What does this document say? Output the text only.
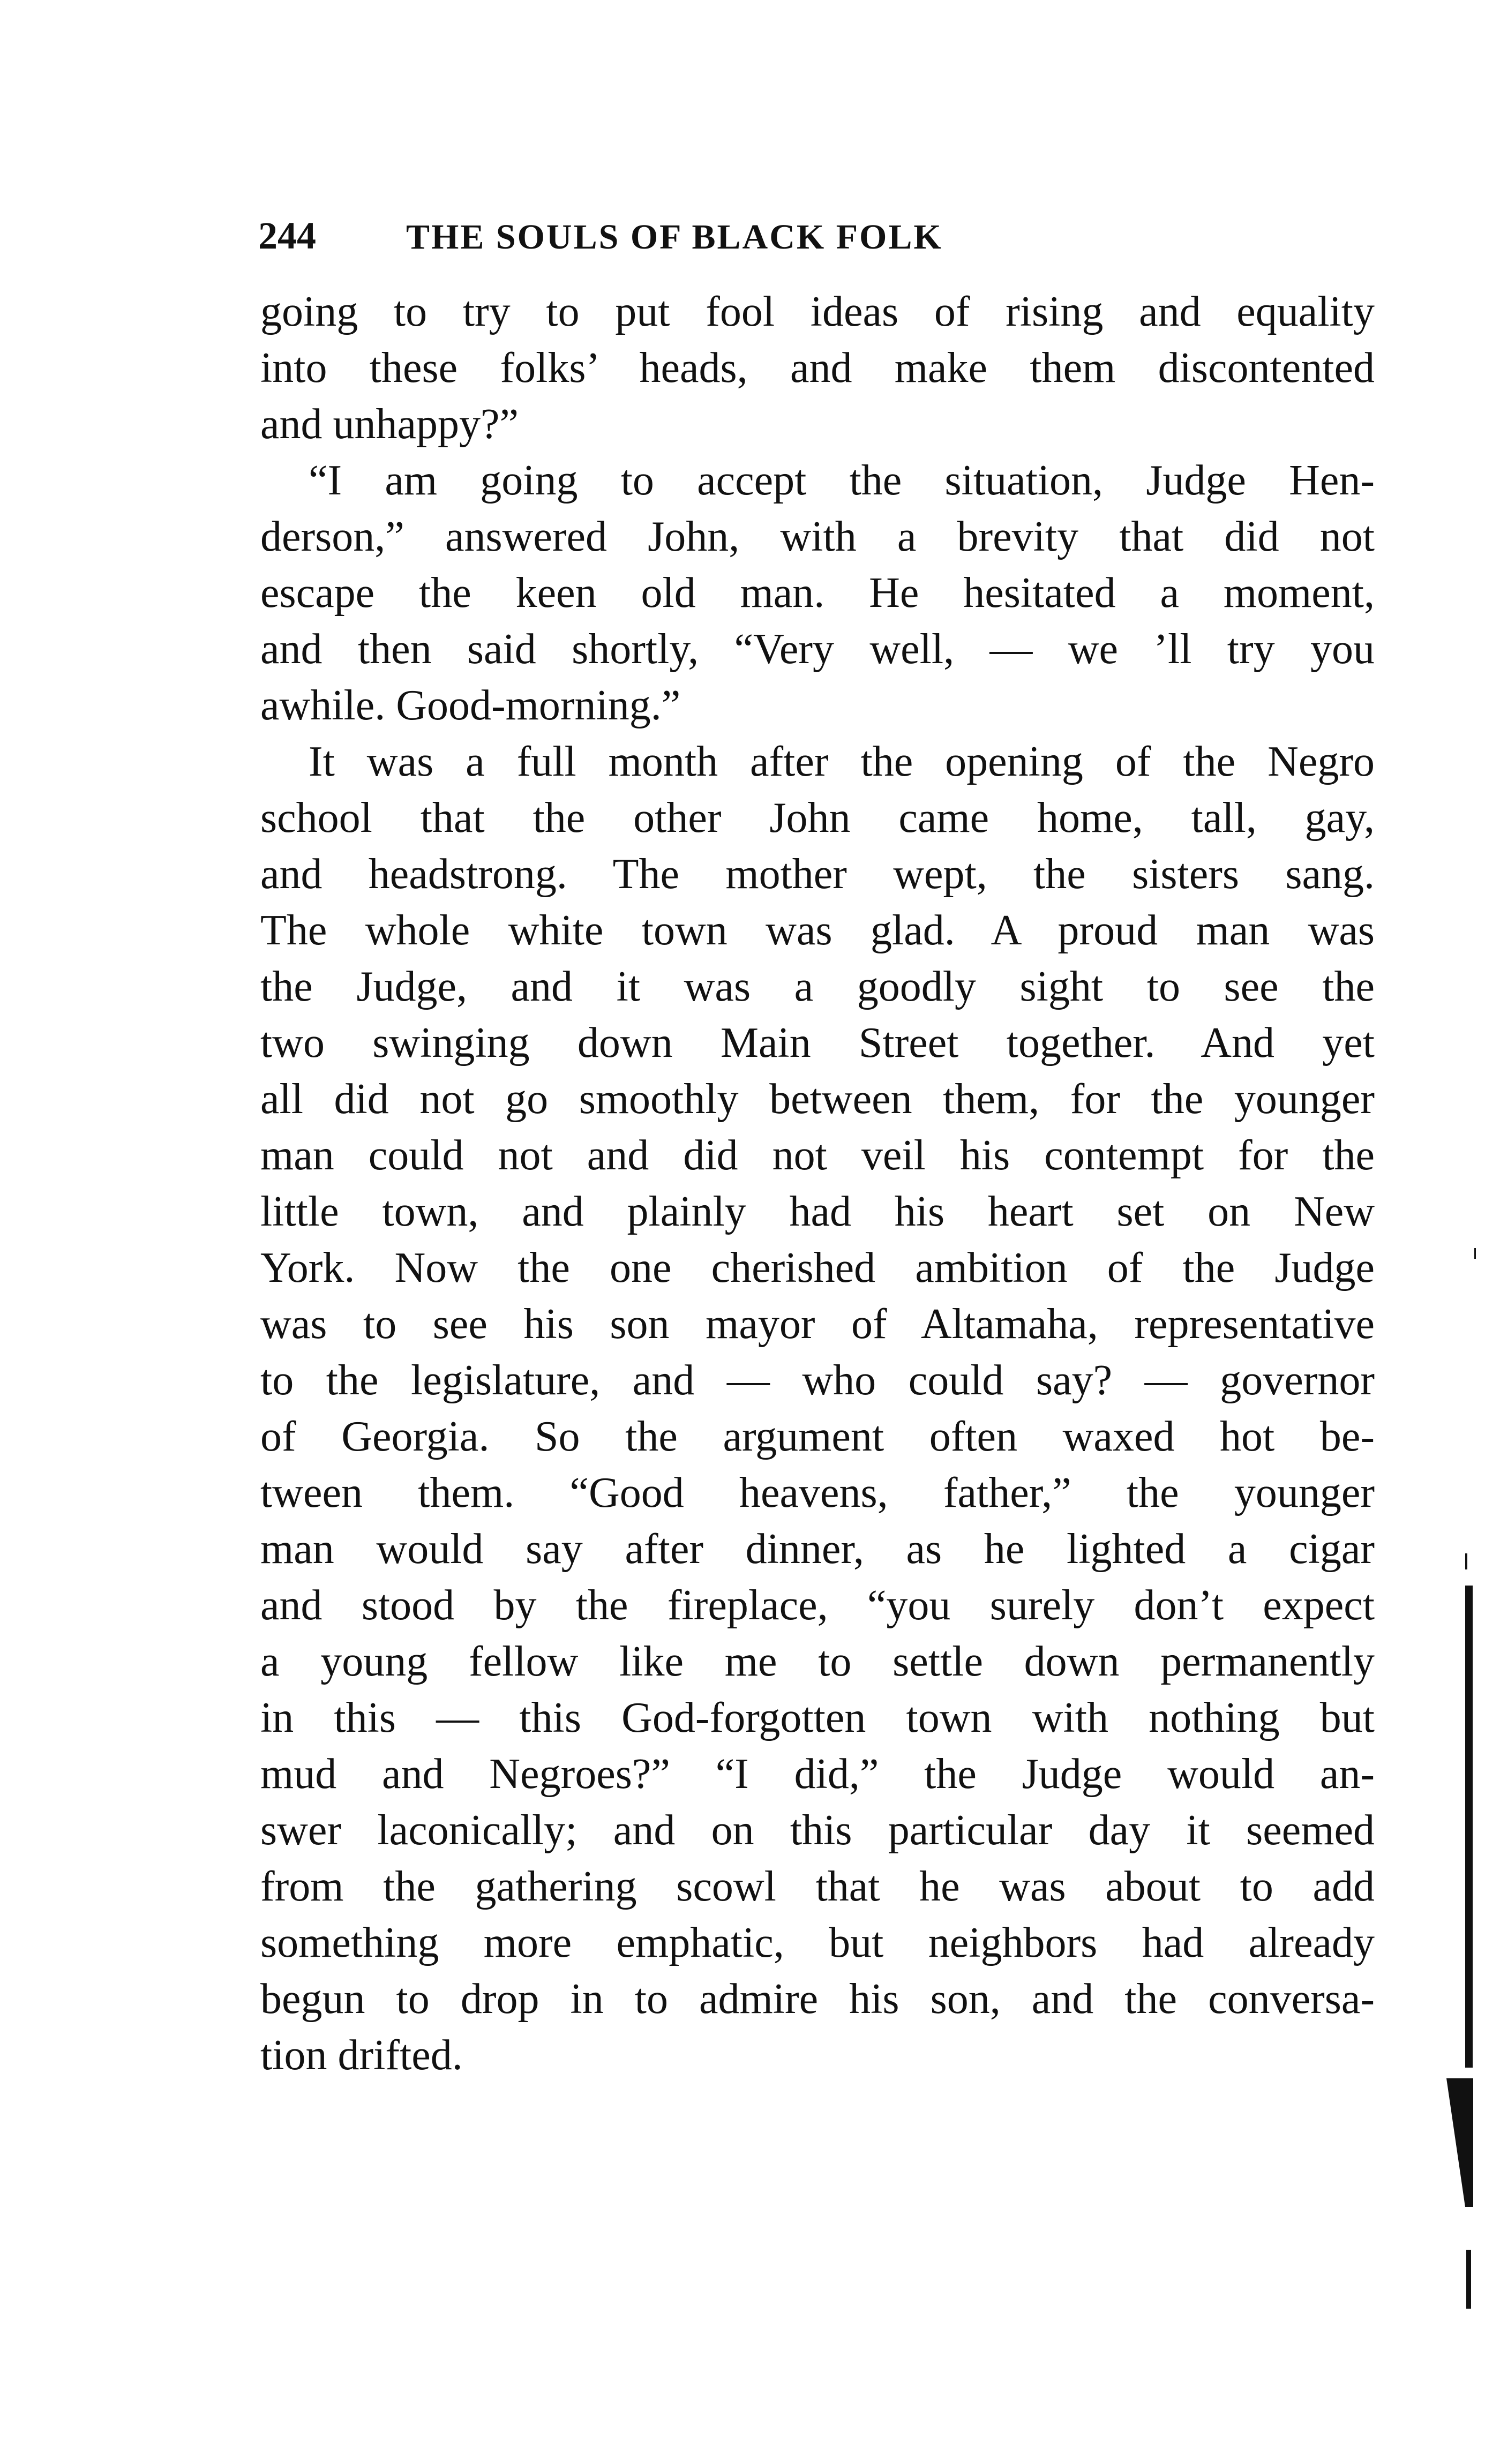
244	THE SOULS OF BLACK FOLK
going to try to put fool ideas of rising and equality
into these folks’ heads, and make them discontented
and unhappy?”
“I am going to accept the situation, Judge Hen-
derson,” answered John, with a brevity that did not
escape the keen old man. He hesitated a moment,
and then said shortly, “Very well, — we ’ll try you
awhile. Good-morning.”
It was a full month after the opening of the Negro
school that the other John came home, tall, gay,
and headstrong. The mother wept, the sisters sang.
The whole white town was glad. A proud man was
the Judge, and it was a goodly sight to see the
two swinging down Main Street together. And yet
all did not go smoothly between them, for the younger
man could not and did not veil his contempt for the
little town, and plainly had his heart set on New
York. Now the one cherished ambition of the Judge
was to see his son mayor of Altamaha, representative
to the legislature, and — who could say? — governor
of Georgia. So the argument often waxed hot be-
tween them. “Good heavens, father,” the younger
man would say after dinner, as he lighted a cigar
and stood by the fireplace, “you surely don’t expect
a young fellow like me to settle down permanently
in this — this God-forgotten town with nothing but
mud and Negroes?” “I did,” the Judge would an-
swer laconically; and on this particular day it seemed
from the gathering scowl that he was about to add
something more emphatic, but neighbors had already
begun to drop in to admire his son, and the conversa-
tion drifted.
